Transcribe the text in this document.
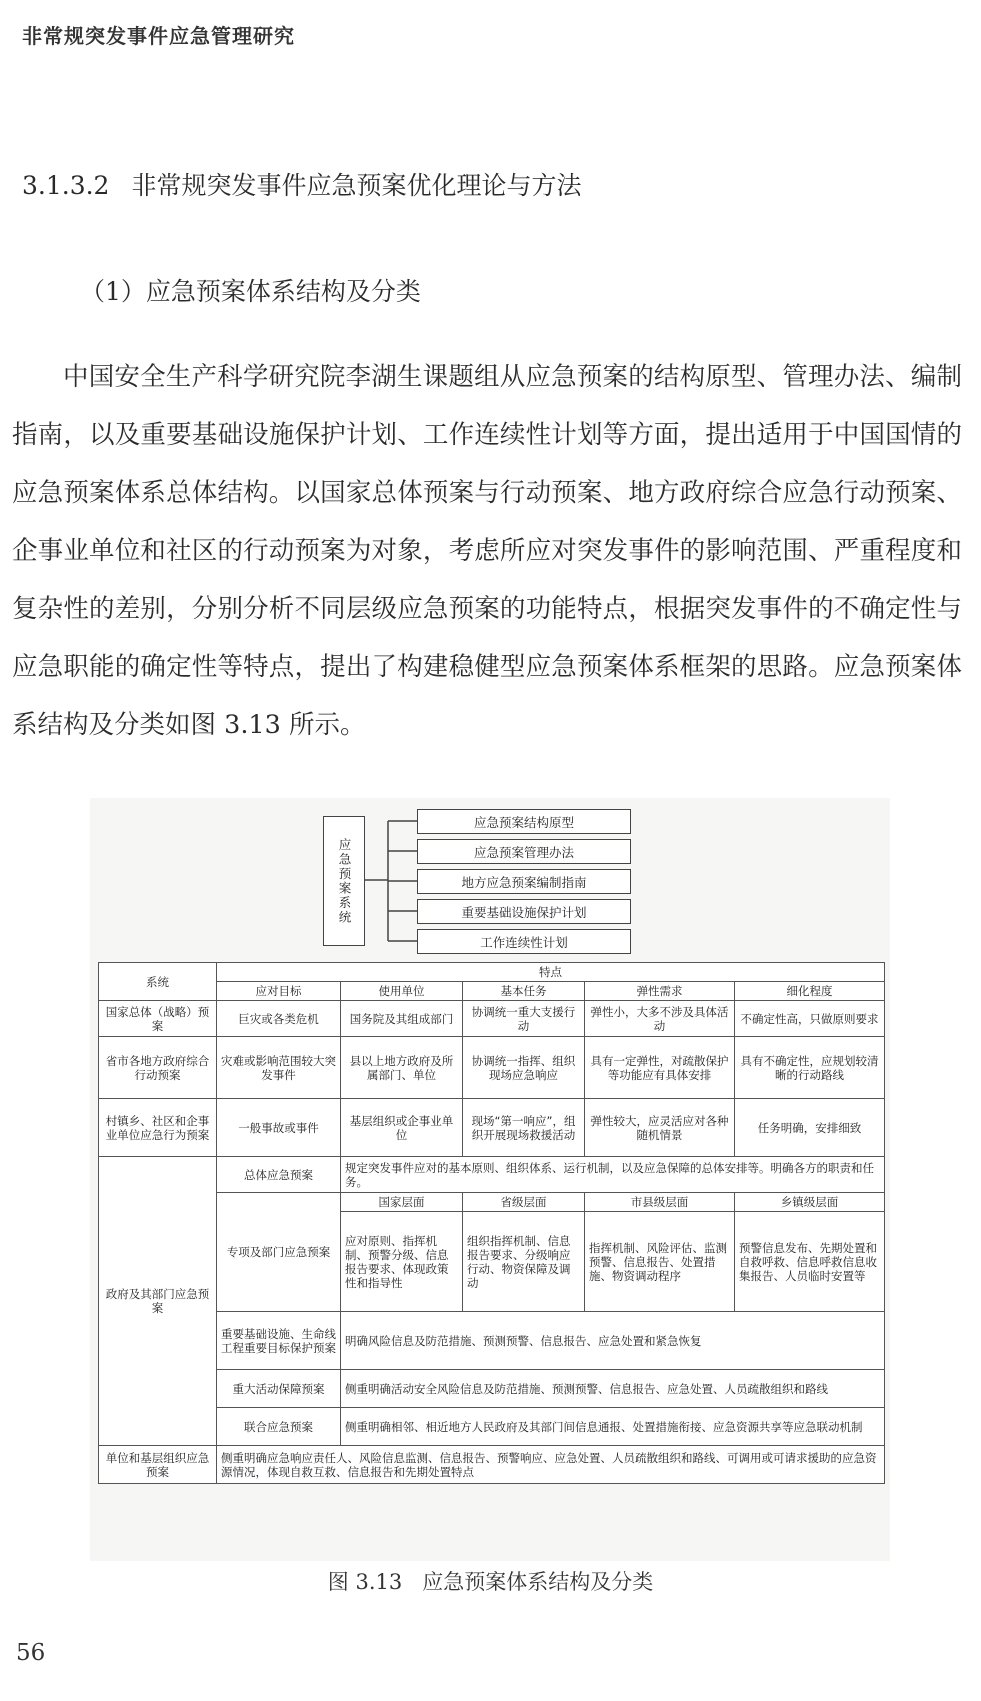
非常规突发事件应急管理研究
3.1.3.2 非常规突发事件应急预案优化理论与方法
（1）应急预案体系结构及分类
中国安全生产科学研究院李湖生课题组从应急预案的结构原型、管理办法、编制指南，以及重要基础设施保护计划、工作连续性计划等方面，提出适用于中国国情的应急预案体系总体结构。以国家总体预案与行动预案、地方政府综合应急行动预案、企事业单位和社区的行动预案为对象，考虑所应对突发事件的影响范围、严重程度和复杂性的差别，分别分析不同层级应急预案的功能特点，根据突发事件的不确定性与应急职能的确定性等特点，提出了构建稳健型应急预案体系框架的思路。应急预案体系结构及分类如图 3.13 所示。
应急预案系统
应急预案结构原型
应急预案管理办法
地方应急预案编制指南
重要基础设施保护计划
工作连续性计划
系统	特点				
	应对目标	使用单位	基本任务	弹性需求	细化程度
国家总体（战略）预案	巨灾或各类危机	国务院及其组成部门	协调统一重大支援行动	弹性小，大多不涉及具体活动	不确定性高，只做原则要求
省市各地方政府综合行动预案	灾难或影响范围较大突发事件	县以上地方政府及所属部门、单位	协调统一指挥、组织现场应急响应	具有一定弹性，对疏散保护等功能应有具体安排	具有不确定性，应规划较清晰的行动路线
村镇乡、社区和企事业单位应急行为预案	一般事故或事件	基层组织或企事业单位	现场“第一响应”，组织开展现场救援活动	弹性较大，应灵活应对各种随机情景	任务明确，安排细致
政府及其部门应急预案	总体应急预案	规定突发事件应对的基本原则、组织体系、运行机制，以及应急保障的总体安排等。明确各方的职责和任务。			
	专项及部门应急预案	国家层面	省级层面	市县级层面	乡镇级层面
		应对原则、指挥机制、预警分级、信息报告要求、体现政策性和指导性	组织指挥机制、信息报告要求、分级响应行动、物资保障及调动	指挥机制、风险评估、监测预警、信息报告、处置措施、物资调动程序	预警信息发布、先期处置和自救呼救、信息呼救信息收集报告、人员临时安置等
	重要基础设施、生命线工程重要目标保护预案	明确风险信息及防范措施、预测预警、信息报告、应急处置和紧急恢复			
	重大活动保障预案	侧重明确活动安全风险信息及防范措施、预测预警、信息报告、应急处置、人员疏散组织和路线			
	联合应急预案	侧重明确相邻、相近地方人民政府及其部门间信息通报、处置措施衔接、应急资源共享等应急联动机制			
单位和基层组织应急预案	侧重明确应急响应责任人、风险信息监测、信息报告、预警响应、应急处置、人员疏散组织和路线、可调用或可请求援助的应急资源情况，体现自救互救、信息报告和先期处置特点				
图 3.13 应急预案体系结构及分类
56
